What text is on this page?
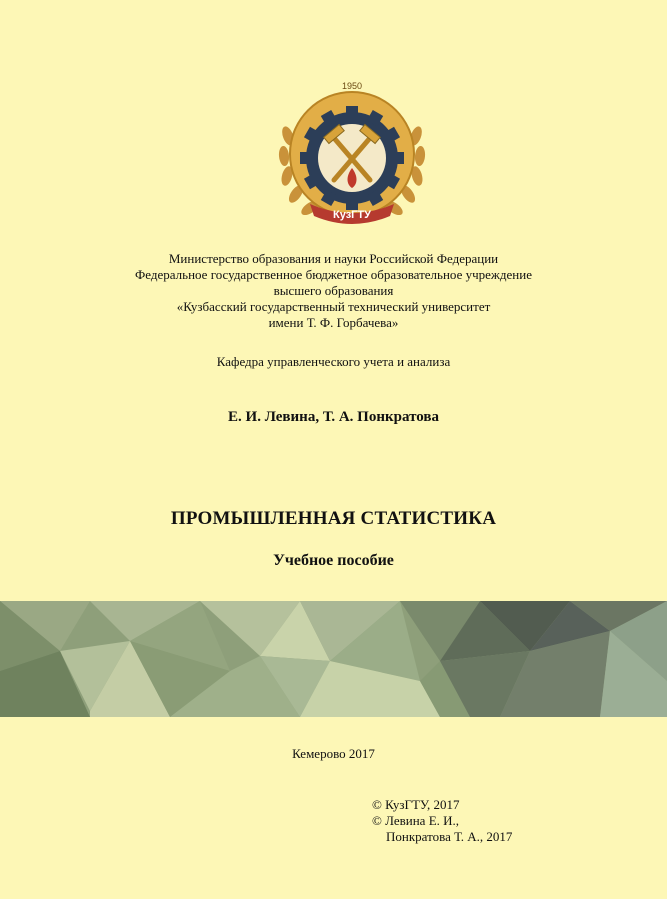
1950
КузГТУ
Министерство образования и науки Российской Федерации
Федеральное государственное бюджетное образовательное учреждение
высшего образования
«Кузбасский государственный технический университет
имени Т. Ф. Горбачева»
Кафедра управленческого учета и анализа
Е. И. Левина, Т. А. Понкратова
ПРОМЫШЛЕННАЯ СТАТИСТИКА
Учебное пособие
Кемерово 2017
© КузГТУ, 2017
© Левина Е. И.,
Понкратова Т. А., 2017
